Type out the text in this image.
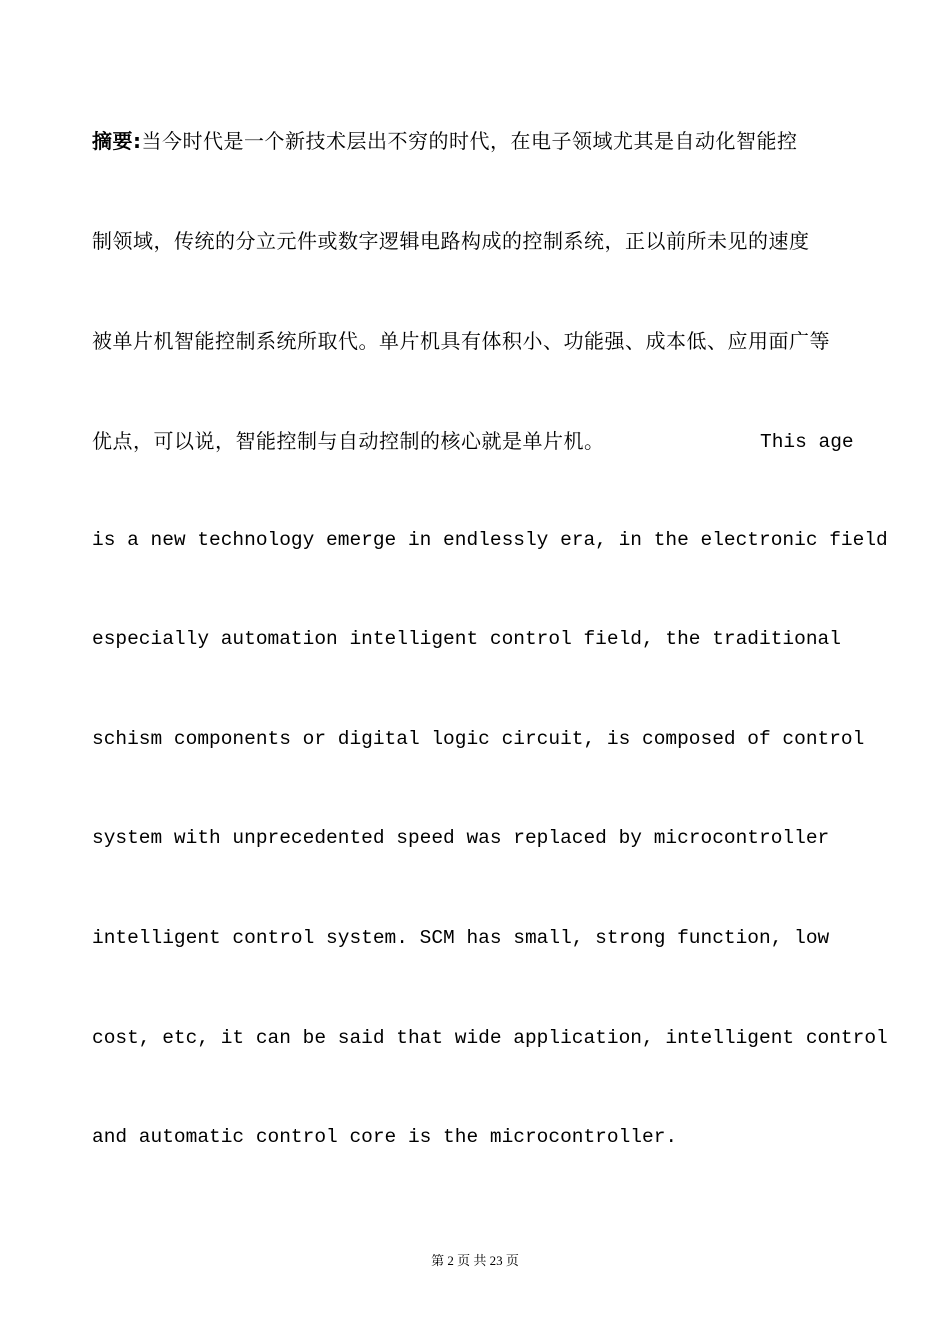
摘要:当今时代是一个新技术层出不穷的时代，在电子领域尤其是自动化智能控
制领域，传统的分立元件或数字逻辑电路构成的控制系统，正以前所未见的速度
被单片机智能控制系统所取代。单片机具有体积小、功能强、成本低、应用面广等
优点，可以说，智能控制与自动控制的核心就是单片机。	This age
is a new technology emerge in endlessly era, in the electronic field
especially automation intelligent control field, the traditional
schism components or digital logic circuit, is composed of control
system with unprecedented speed was replaced by microcontroller
intelligent control system. SCM has small, strong function, low
cost, etc, it can be said that wide application, intelligent control
and automatic control core is the microcontroller.
第 2 页 共 23 页
